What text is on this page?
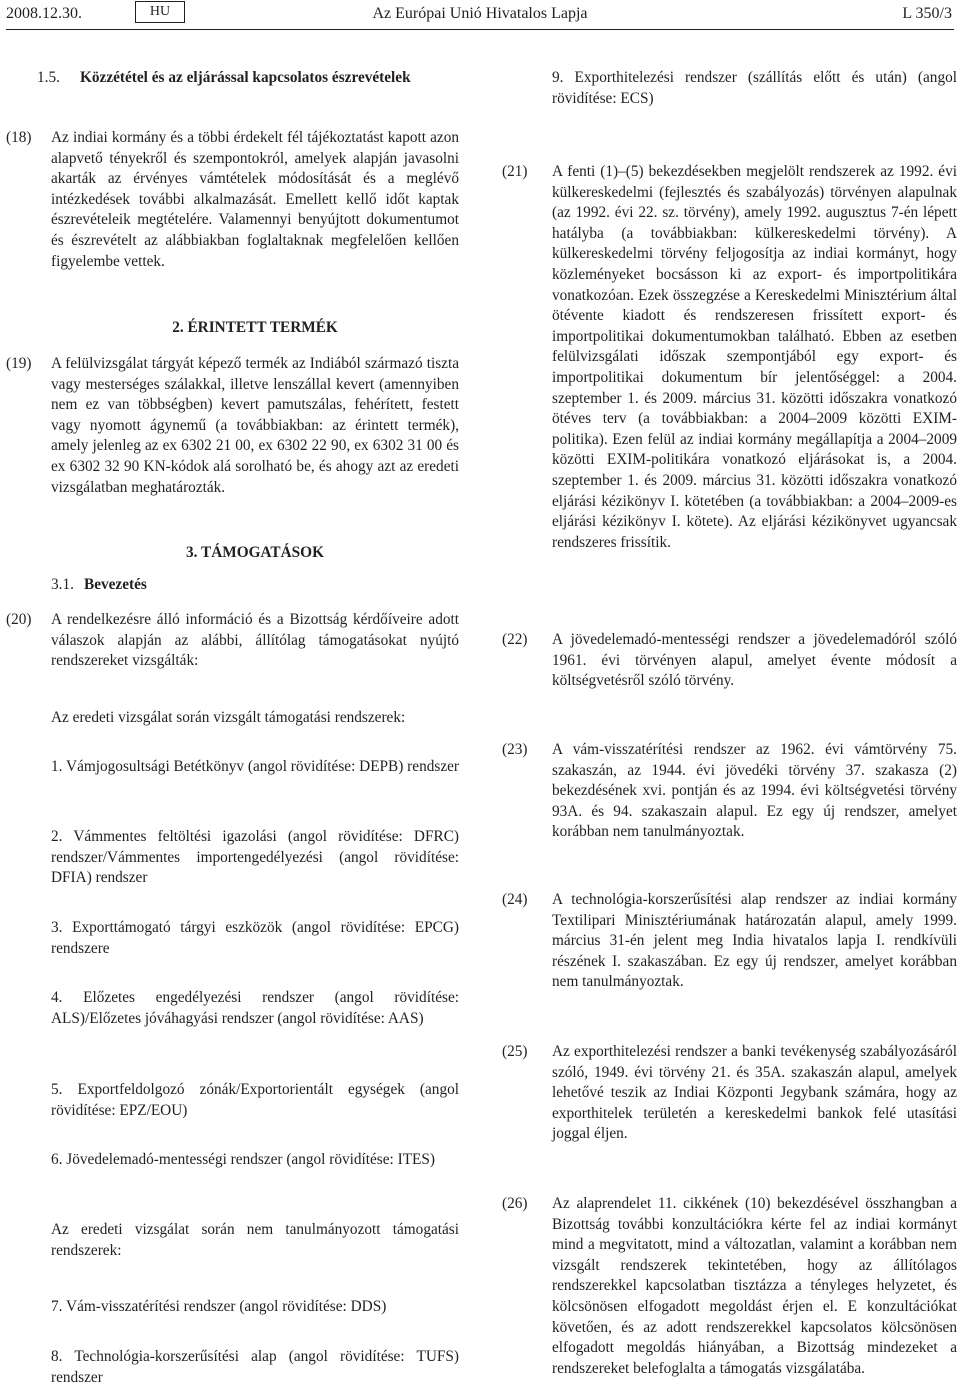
2008.12.30.	HU	Az Európai Unió Hivatalos Lapja	L 350/3
1.5. Közzététel és az eljárással kapcsolatos észrevételek
(18)	Az indiai kormány és a többi érdekelt fél tájékoztatást kapott azon alapvető tényekről és szempontokról, amelyek alapján javasolni akarták az érvényes vámtételek módosítását és a meglévő intézkedések további alkalmazását. Emellett kellő időt kaptak észrevételeik megtételére. Valamennyi benyújtott dokumentumot és észrevételt az alábbiakban foglaltaknak megfelelően kellően figyelembe vettek.
2. ÉRINTETT TERMÉK
(19)	A felülvizsgálat tárgyát képező termék az Indiából származó tiszta vagy mesterséges szálakkal, illetve lenszállal kevert (amennyiben nem ez van többségben) kevert pamutszálas, fehérített, festett vagy nyomott ágynemű (a továbbiakban: az érintett termék), amely jelenleg az ex 6302 21 00, ex 6302 22 90, ex 6302 31 00 és ex 6302 32 90 KN-kódok alá sorolható be, és ahogy azt az eredeti vizsgálatban meghatározták.
3. TÁMOGATÁSOK
3.1. Bevezetés
(20)	A rendelkezésre álló információ és a Bizottság kérdőíveire adott válaszok alapján az alábbi, állítólag támogatásokat nyújtó rendszereket vizsgálták:
Az eredeti vizsgálat során vizsgált támogatási rendszerek:
1. Vámjogosultsági Betétkönyv (angol rövidítése: DEPB) rendszer
2. Vámmentes feltöltési igazolási (angol rövidítése: DFRC) rendszer/Vámmentes importengedélyezési (angol rövidítése: DFIA) rendszer
3. Exporttámogató tárgyi eszközök (angol rövidítése: EPCG) rendszere
4. Előzetes engedélyezési rendszer (angol rövidítése: ALS)/Előzetes jóváhagyási rendszer (angol rövidítése: AAS)
5. Exportfeldolgozó zónák/Exportorientált egységek (angol rövidítése: EPZ/EOU)
6. Jövedelemadó-mentességi rendszer (angol rövidítése: ITES)
Az eredeti vizsgálat során nem tanulmányozott támogatási rendszerek:
7. Vám-visszatérítési rendszer (angol rövidítése: DDS)
8. Technológia-korszerűsítési alap (angol rövidítése: TUFS) rendszer
9. Exporthitelezési rendszer (szállítás előtt és után) (angol rövidítése: ECS)
(21)	A fenti (1)–(5) bekezdésekben megjelölt rendszerek az 1992. évi külkereskedelmi (fejlesztés és szabályozás) törvényen alapulnak (az 1992. évi 22. sz. törvény), amely 1992. augusztus 7-én lépett hatályba (a továbbiakban: külkereskedelmi törvény). A külkereskedelmi törvény feljogosítja az indiai kormányt, hogy közleményeket bocsásson ki az export- és importpolitikára vonatkozóan. Ezek összegzése a Kereskedelmi Minisztérium által ötévente kiadott és rendszeresen frissített export- és importpolitikai dokumentumokban található. Ebben az esetben felülvizsgálati időszak szempontjából egy export- és importpolitikai dokumentum bír jelentőséggel: a 2004. szeptember 1. és 2009. március 31. közötti időszakra vonatkozó ötéves terv (a továbbiakban: a 2004–2009 közötti EXIM-politika). Ezen felül az indiai kormány megállapítja a 2004–2009 közötti EXIM-politikára vonatkozó eljárásokat is, a 2004. szeptember 1. és 2009. március 31. közötti időszakra vonatkozó eljárási kézikönyv I. kötetében (a továbbiakban: a 2004–2009-es eljárási kézikönyv I. kötete). Az eljárási kézikönyvet ugyancsak rendszeres frissítik.
(22)	A jövedelemadó-mentességi rendszer a jövedelemadóról szóló 1961. évi törvényen alapul, amelyet évente módosít a költségvetésről szóló törvény.
(23)	A vám-visszatérítési rendszer az 1962. évi vámtörvény 75. szakaszán, az 1944. évi jövedéki törvény 37. szakasza (2) bekezdésének xvi. pontján és az 1994. évi költségvetési törvény 93A. és 94. szakaszain alapul. Ez egy új rendszer, amelyet korábban nem tanulmányoztak.
(24)	A technológia-korszerűsítési alap rendszer az indiai kormány Textilipari Minisztériumának határozatán alapul, amely 1999. március 31-én jelent meg India hivatalos lapja I. rendkívüli részének I. szakaszában. Ez egy új rendszer, amelyet korábban nem tanulmányoztak.
(25)	Az exporthitelezési rendszer a banki tevékenység szabályozásáról szóló, 1949. évi törvény 21. és 35A. szakaszán alapul, amelyek lehetővé teszik az Indiai Központi Jegybank számára, hogy az exporthitelek területén a kereskedelmi bankok felé utasítási joggal éljen.
(26)	Az alaprendelet 11. cikkének (10) bekezdésével összhangban a Bizottság további konzultációkra kérte fel az indiai kormányt mind a megvitatott, mind a változatlan, valamint a korábban nem vizsgált rendszerek tekintetében, hogy az állítólagos rendszerekkel kapcsolatban tisztázza a tényleges helyzetet, és kölcsönösen elfogadott megoldást érjen el. E konzultációkat követően, és az adott rendszerekkel kapcsolatos kölcsönösen elfogadott megoldás hiányában, a Bizottság mindezeket a rendszereket belefoglalta a támogatás vizsgálatába.
